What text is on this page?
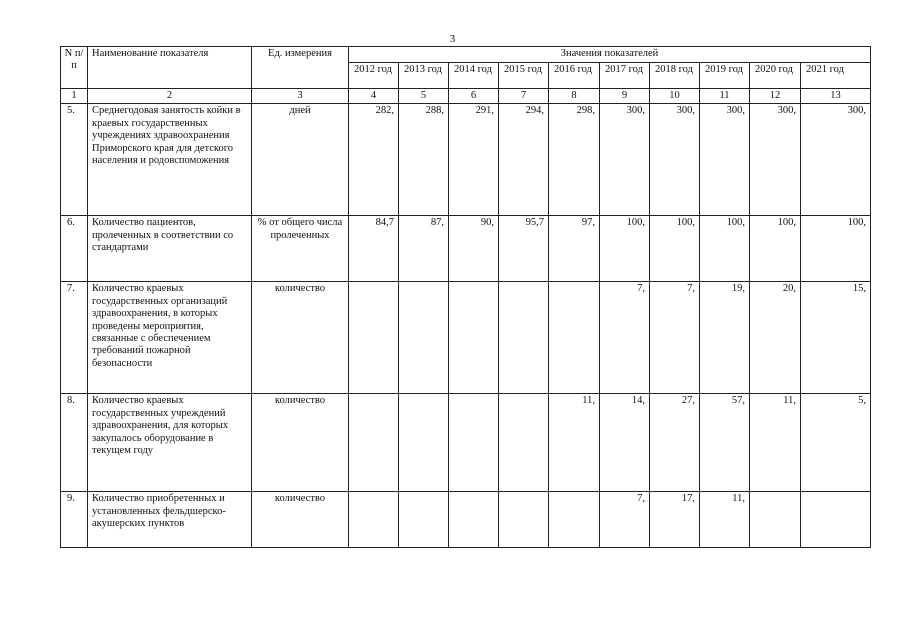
3
N п/п	Наименование показателя	Ед. измерения	Значения показателей									
			2012 год	2013 год	2014 год	2015 год	2016 год	2017 год	2018 год	2019 год	2020 год	2021 год
1	2	3	4	5	6	7	8	9	10	11	12	13
5.	Среднегодовая занятость койки в краевых государственных учреждениях здравоохранения Приморского края для детского населения и родовспоможения	дней	282,	288,	291,	294,	298,	300,	300,	300,	300,	300,
6.	Количество пациентов, пролеченных в соответствии со стандартами	% от общего числа пролеченных	84,7	87,	90,	95,7	97,	100,	100,	100,	100,	100,
7.	Количество краевых государственных организаций здравоохранения, в которых проведены мероприятия, связанные с обеспечением требований пожарной безопасности	количество						7,	7,	19,	20,	15,
8.	Количество краевых государственных учреждений здравоохранения, для которых закупалось оборудование в текущем году	количество					11,	14,	27,	57,	11,	5,
9.	Количество приобретенных и установленных фельдшерско-акушерских пунктов	количество						7,	17,	11,		
